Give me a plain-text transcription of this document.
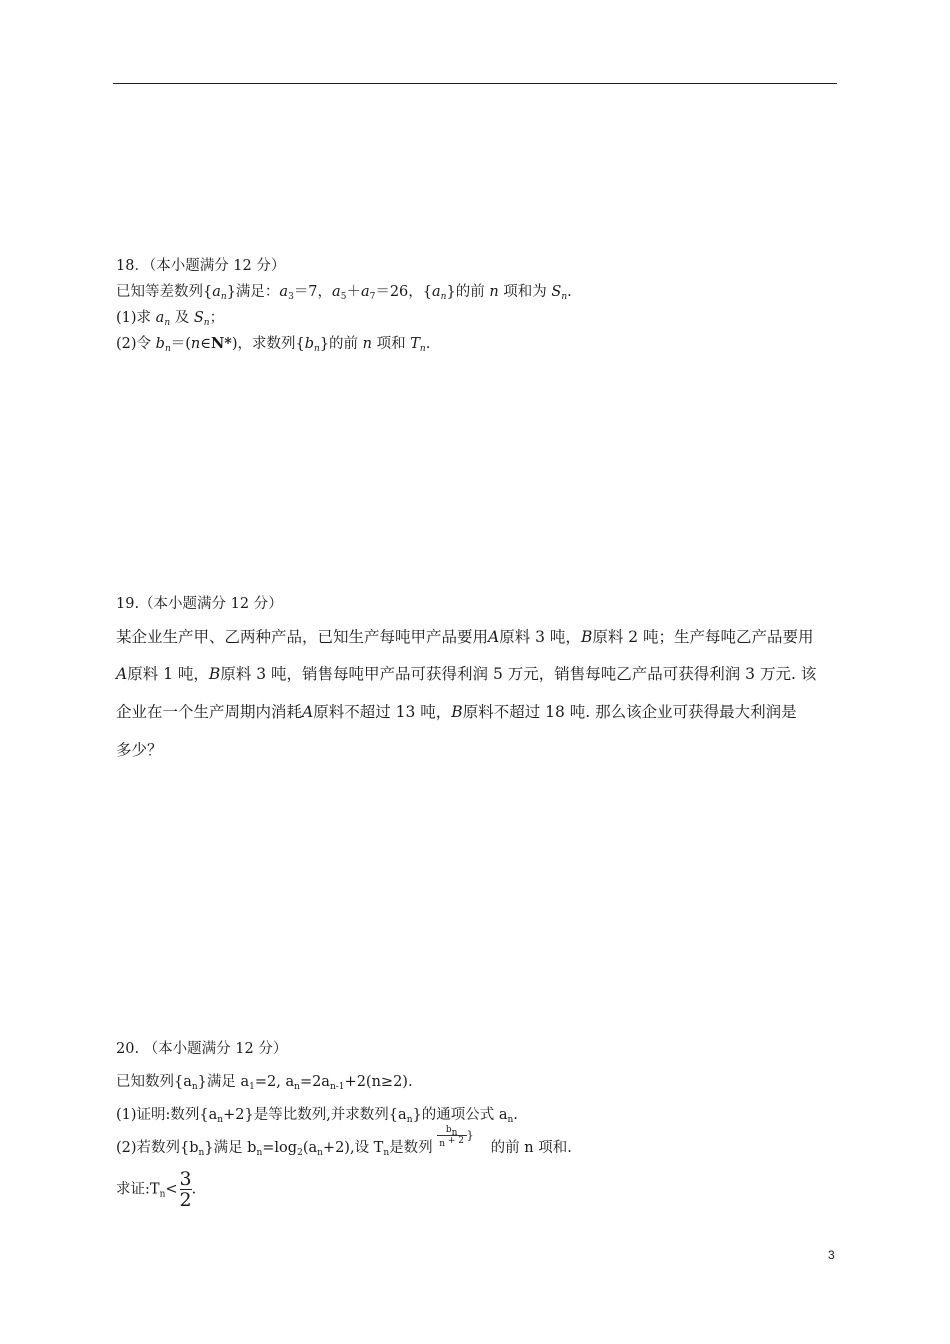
18．（本小题满分 12 分）
已知等差数列$\{a_n\}$满足：$a_3=7$，$a_5+a_7=26$，$\{a_n\}$的前 n 项和为 $S_n$.
(1)求 $a_n$ 及 $S_n$；
(2)令 $b_n=(n\in N*)$，求数列$\{b_n\}$的前 n 项和 $T_n$.
19.（本小题满分 12 分）
某企业生产甲、乙两种产品，已知生产每吨甲产品要用A原料 3 吨，B原料 2 吨；生产每吨乙产品要用
A原料 1 吨，B原料 3 吨，销售每吨甲产品可获得利润 5 万元，销售每吨乙产品可获得利润 3 万元. 该
企业在一个生产周期内消耗A原料不超过 13 吨，B原料不超过 18 吨. 那么该企业可获得最大利润是
多少？
20. （本小题满分 12 分）
已知数列$\{a_n\}$满足 $a_1=2$, $a_n=2a_{n-1}+2(n\ge 2)$.
(1)证明:数列$\{a_n+2\}$是等比数列,并求数列$\{a_n\}$的通项公式 $a_n$.
(2)若数列$\{b_n\}$满足 $b_n=\log_2(a_n+2)$,设 $T_n$是数列
$b_n$
$_n$ + 2 }
的前 n 项和.
求证$:T_n< \frac{3}{2}$.
3
